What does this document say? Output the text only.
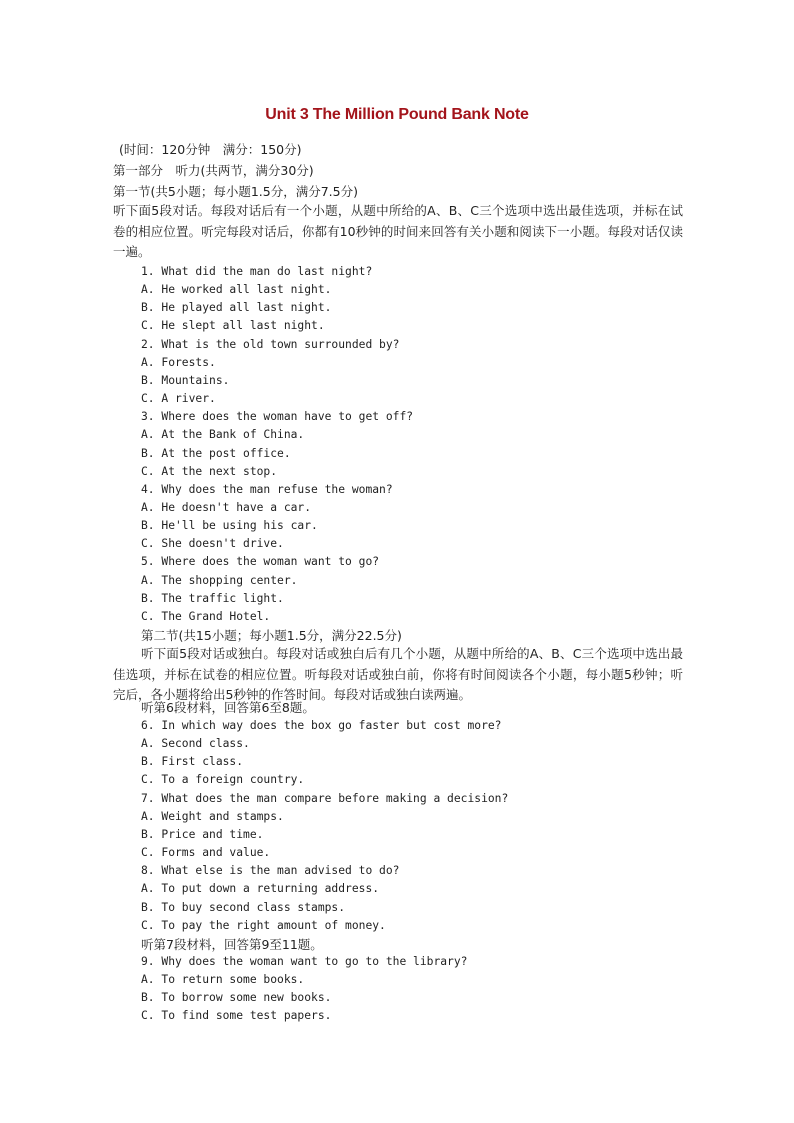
Unit 3 The Million Pound Bank Note
(时间：120分钟　满分：150分)
第一部分　听力(共两节，满分30分)
第一节(共5小题；每小题1.5分，满分7.5分)
听下面5段对话。每段对话后有一个小题，从题中所给的A、B、C三个选项中选出最佳选项，并标在试卷的相应位置。听完每段对话后，你都有10秒钟的时间来回答有关小题和阅读下一小题。每段对话仅读一遍。
1. What did the man do last night?
A. He worked all last night.
B. He played all last night.
C. He slept all last night.
2. What is the old town surrounded by?
A. Forests.
B. Mountains.
C. A river.
3. Where does the woman have to get off?
A. At the Bank of China.
B. At the post office.
C. At the next stop.
4. Why does the man refuse the woman?
A. He doesn't have a car.
B. He'll be using his car.
C. She doesn't drive.
5. Where does the woman want to go?
A. The shopping center.
B. The traffic light.
C. The Grand Hotel.
第二节(共15小题；每小题1.5分，满分22.5分)
听下面5段对话或独白。每段对话或独白后有几个小题，从题中所给的A、B、C三个选项中选出最佳选项，并标在试卷的相应位置。听每段对话或独白前，你将有时间阅读各个小题，每小题5秒钟；听完后，各小题将给出5秒钟的作答时间。每段对话或独白读两遍。
听第6段材料，回答第6至8题。
6. In which way does the box go faster but cost more?
A. Second class.
B. First class.
C. To a foreign country.
7. What does the man compare before making a decision?
A. Weight and stamps.
B. Price and time.
C. Forms and value.
8. What else is the man advised to do?
A. To put down a returning address.
B. To buy second class stamps.
C. To pay the right amount of money.
听第7段材料，回答第9至11题。
9. Why does the woman want to go to the library?
A. To return some books.
B. To borrow some new books.
C. To find some test papers.
